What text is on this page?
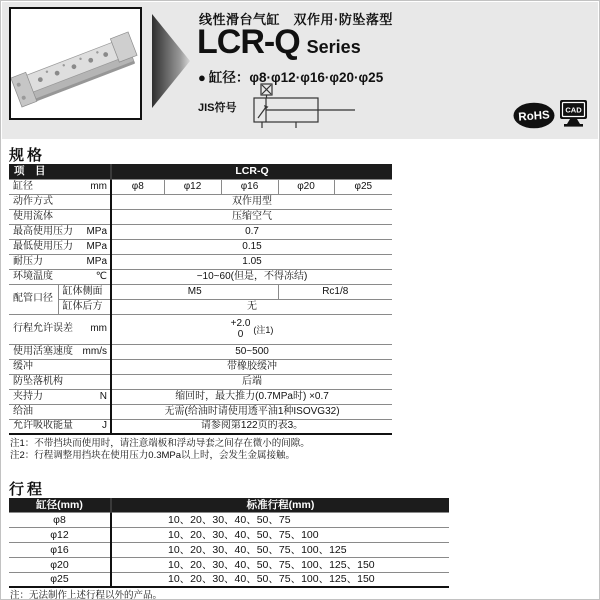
线性滑台气缸　双作用·防坠落型
LCR-Q Series
● 缸径：φ8·φ12·φ16·φ20·φ25
JIS符号
RoHS CAD
规格
项　目		LCR-Q				
缸径 mm		φ8	φ12	φ16	φ20	φ25
动作方式		双作用型				
使用流体		压缩空气				
最高使用压力 MPa		0.7				
最低使用压力 MPa		0.15				
耐压力 MPa		1.05				
环境温度 ℃		−10~60(但是，不得冻结)				
配管口径	缸体侧面	M5			Rc1/8	
	缸体后方	无				
行程允许误差 mm		+2.0
0 (注1)				

使用活塞速度 mm/s		50~500				
缓冲		带橡胶缓冲				
防坠落机构		后端				
夹持力 N		缩回时，最大推力(0.7MPa时) ×0.7				
给油		无需(给油时请使用透平油1种ISOVG32)				
允许吸收能量 J		请参阅第122页的表3。				
注1：不带挡块而使用时，请注意端板和浮动导套之间存在微小的间隙。
注2：行程调整用挡块在使用压力0.3MPa以上时，会发生金属接触。
行程
缸径(mm)	标准行程(mm)
φ8	10、20、30、40、50、75
φ12	10、20、30、40、50、75、100
φ16	10、20、30、40、50、75、100、125
φ20	10、20、30、40、50、75、100、125、150
φ25	10、20、30、40、50、75、100、125、150
注：无法制作上述行程以外的产品。
